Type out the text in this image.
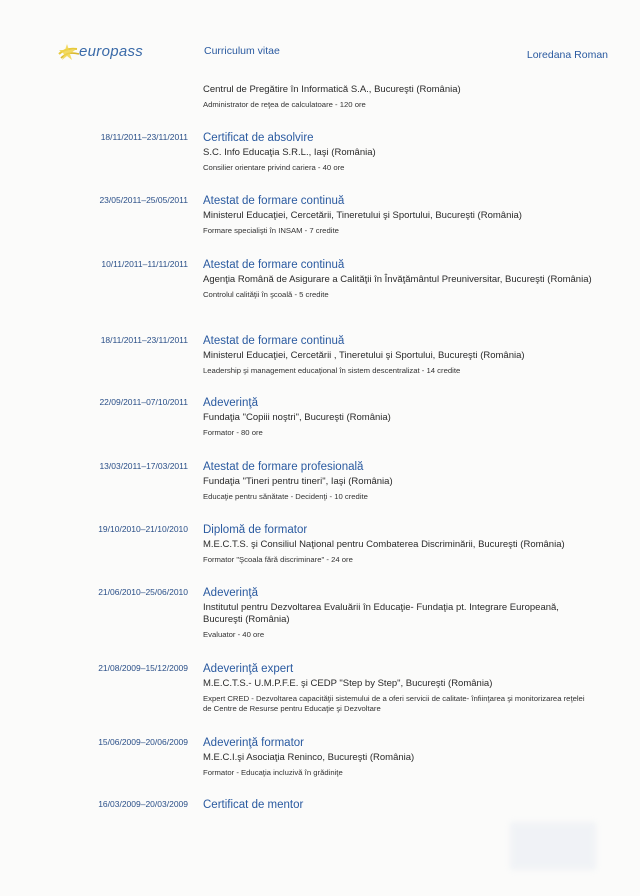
europass	Curriculum vitae	Loredana Roman
Centrul de Pregătire în Informatică S.A., Bucureşti (România)
Administrator de reţea de calculatoare - 120 ore
18/11/2011–23/11/2011 Certificat de absolvire
S.C. Info Educaţia S.R.L., Iaşi (România)
Consilier orientare privind cariera - 40 ore
23/05/2011–25/05/2011 Atestat de formare continuă
Ministerul Educaţiei, Cercetării, Tineretului şi Sportului, Bucureşti (România)
Formare specialişti în INSAM - 7 credite
10/11/2011–11/11/2011 Atestat de formare continuă
Agenţia Română de Asigurare a Calităţii în Învăţământul Preuniversitar, Bucureşti (România)
Controlul calităţii în şcoală - 5 credite
18/11/2011–23/11/2011 Atestat de formare continuă
Ministerul Educaţiei, Cercetării , Tineretului şi Sportului, Bucureşti (România)
Leadership şi management educaţional în sistem descentralizat - 14 credite
22/09/2011–07/10/2011 Adeverinţă
Fundaţia "Copiii noştri", Bucureşti (România)
Formator - 80 ore
13/03/2011–17/03/2011 Atestat de formare profesională
Fundaţia "Tineri pentru tineri", Iaşi (România)
Educaţie pentru sănătate - Decidenţi - 10 credite
19/10/2010–21/10/2010 Diplomă de formator
M.E.C.T.S. şi Consiliul Naţional pentru Combaterea Discriminării, Bucureşti (România)
Formator "Şcoala fără discriminare" - 24 ore
21/06/2010–25/06/2010 Adeverinţă
Institutul pentru Dezvoltarea Evaluării în Educaţie- Fundaţia pt. Integrare Europeană, Bucureşti (România)
Evaluator - 40 ore
21/08/2009–15/12/2009 Adeverinţă expert
M.E.C.T.S.- U.M.P.F.E. şi CEDP "Step by Step", Bucureşti (România)
Expert CRED - Dezvoltarea capacităţii sistemului de a oferi servicii de calitate- înfiinţarea şi monitorizarea reţelei de Centre de Resurse pentru Educaţie şi Dezvoltare
15/06/2009–20/06/2009 Adeverinţă formator
M.E.C.I.şi Asociaţia Reninco, Bucureşti (România)
Formator - Educaţia incluzivă în grădiniţe
16/03/2009–20/03/2009 Certificat de mentor
